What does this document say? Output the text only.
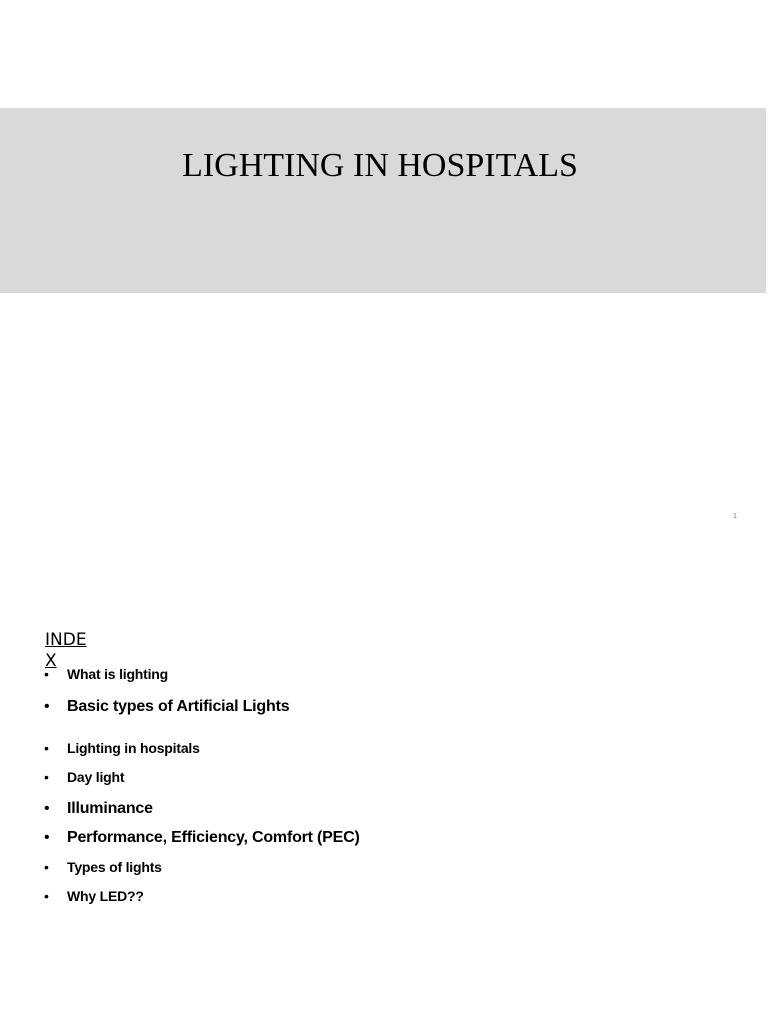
LIGHTING IN HOSPITALS
1
INDEX
• What is lighting
• Basic types of Artificial Lights
• Lighting in hospitals
• Day light
• Illuminance
• Performance, Efficiency, Comfort (PEC)
• Types of lights
• Why LED??
